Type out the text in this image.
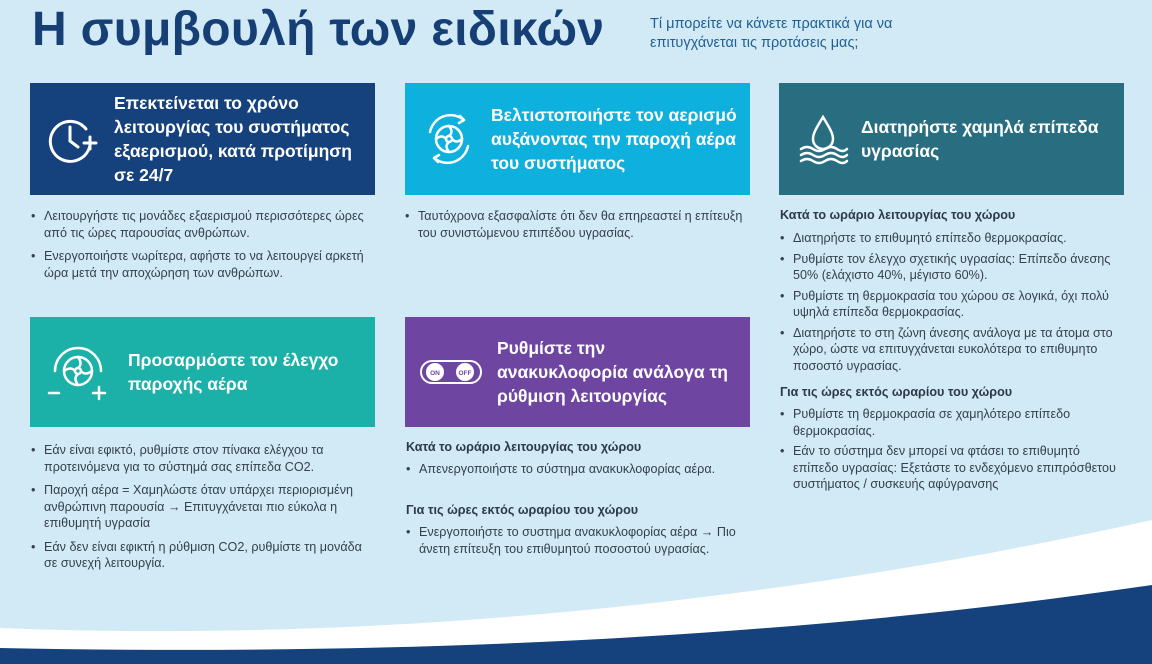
Η συμβουλή των ειδικών	Τί μπορείτε να κάνετε πρακτικά για να επιτυγχάνεται τις προτάσεις μας;
Επεκτείνεται το χρόνο λειτουργίας του συστήματος εξαερισμού, κατά προτίμηση σε 24/7
• Λειτουργήστε τις μονάδες εξαερισμού περισσότερες ώρες από τις ώρες παρουσίας ανθρώπων.
• Ενεργοποιήστε νωρίτερα, αφήστε το να λειτουργεί αρκετή ώρα μετά την αποχώρηση των ανθρώπων.
Βελτιστοποιήστε τον αερισμό αυξάνοντας την παροχή αέρα του συστήματος
• Ταυτόχρονα εξασφαλίστε ότι δεν θα επηρεαστεί η επίτευξη του συνιστώμενου επιπέδου υγρασίας.
Διατηρήστε χαμηλά επίπεδα υγρασίας
Κατά το ωράριο λειτουργίας του χώρου
• Διατηρήστε το επιθυμητό επίπεδο θερμοκρασίας.
• Ρυθμίστε τον έλεγχο σχετικής υγρασίας: Επίπεδο άνεσης 50% (ελάχιστο 40%, μέγιστο 60%).
• Ρυθμίστε τη θερμοκρασία του χώρου σε λογικά, όχι πολύ υψηλά επίπεδα θερμοκρασίας.
• Διατηρήστε το στη ζώνη άνεσης ανάλογα με τα άτομα στο χώρο, ώστε να επιτυγχάνεται ευκολότερα το επιθυμητο ποσοστό υγρασίας.
Για τις ώρες εκτός ωραρίου του χώρου
• Ρυθμίστε τη θερμοκρασία σε χαμηλότερο επίπεδο θερμοκρασίας.
• Εάν το σύστημα δεν μπορεί να φτάσει το επιθυμητό επίπεδο υγρασίας: Εξετάστε το ενδεχόμενο επιπρόσθετου συστήματος / συσκευής αφύγρανσης
Προσαρμόστε τον έλεγχο παροχής αέρα
• Εάν είναι εφικτό, ρυθμίστε στον πίνακα ελέγχου τα προτεινόμενα για το σύστημά σας επίπεδα CO2.
• Παροχή αέρα = Χαμηλώστε όταν υπάρχει περιορισμένη ανθρώπινη παρουσία → Επιτυγχάνεται πιο εύκολα η επιθυμητή υγρασία
• Εάν δεν είναι εφικτή η ρύθμιση CO2, ρυθμίστε τη μονάδα σε συνεχή λειτουργία.
ON	OFF
Ρυθμίστε την ανακυκλοφορία ανάλογα τη ρύθμιση λειτουργίας
Κατά το ωράριο λειτουργίας του χώρου
• Απενεργοποιήστε το σύστημα ανακυκλοφορίας αέρα.
Για τις ώρες εκτός ωραρίου του χώρου
• Ενεργοποιήστε το συστημα ανακυκλοφορίας αέρα → Πιο άνετη επίτευξη του επιθυμητού ποσοστού υγρασίας.
